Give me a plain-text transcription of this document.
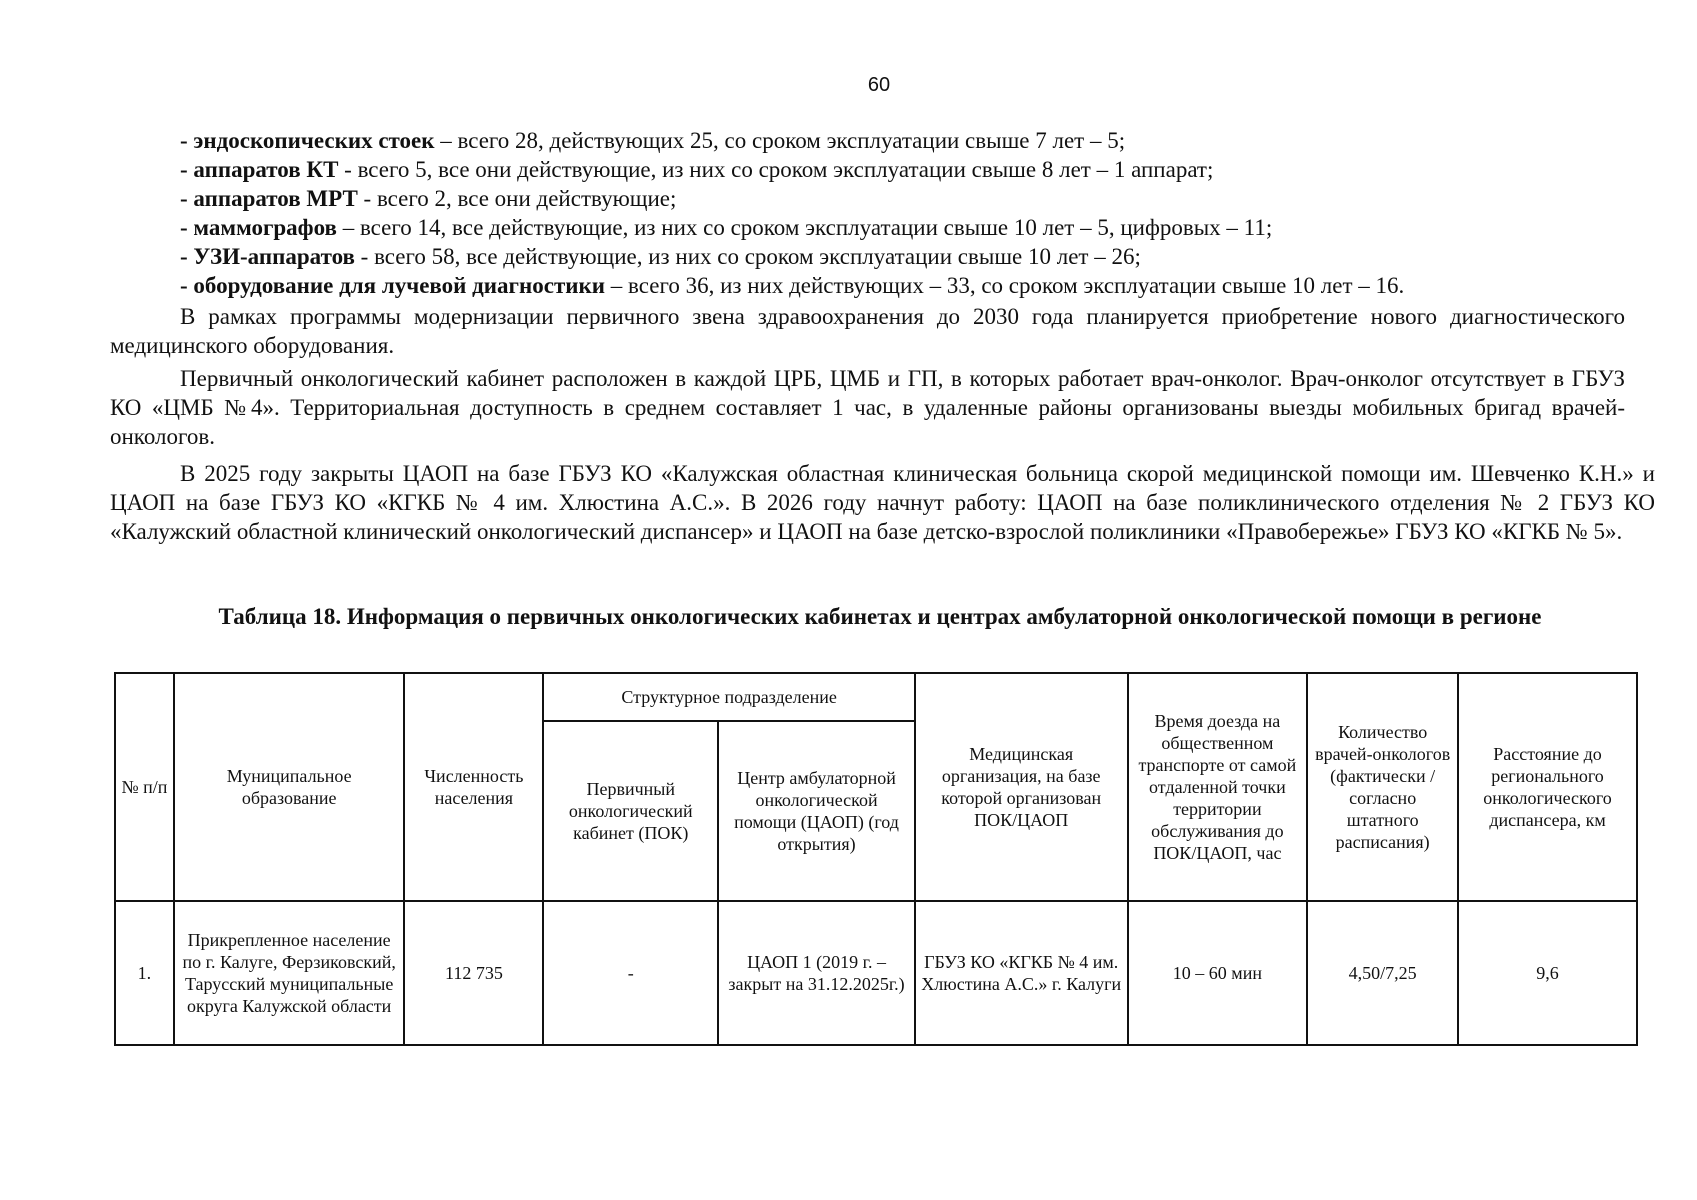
60

- эндоскопических стоек – всего 28, действующих 25, со сроком эксплуатации свыше 7 лет – 5;

- аппаратов КТ - всего 5, все они действующие, из них со сроком эксплуатации свыше 8 лет – 1 аппарат;

- аппаратов МРТ - всего 2, все они действующие;

- маммографов – всего 14, все действующие, из них со сроком эксплуатации свыше 10 лет – 5, цифровых – 11;

- УЗИ-аппаратов - всего 58, все действующие, из них со сроком эксплуатации свыше 10 лет – 26;

- оборудование для лучевой диагностики – всего 36, из них действующих – 33, со сроком эксплуатации свыше 10 лет – 16.

В рамках программы модернизации первичного звена здравоохранения до 2030 года планируется приобретение нового диагностического медицинского оборудования.

Первичный онкологический кабинет расположен в каждой ЦРБ, ЦМБ и ГП, в которых работает врач-онколог. Врач-онколог отсутствует в ГБУЗ КО «ЦМБ №4». Территориальная доступность в среднем составляет 1 час, в удаленные районы организованы выезды мобильных бригад врачей-онкологов.

В 2025 году закрыты ЦАОП на базе ГБУЗ КО «Калужская областная клиническая больница скорой медицинской помощи им. Шевченко К.Н.» и ЦАОП на базе ГБУЗ КО «КГКБ № 4 им. Хлюстина А.С.». В 2026 году начнут работу: ЦАОП на базе поликлинического отделения № 2 ГБУЗ КО «Калужский областной клинический онкологический диспансер» и ЦАОП на базе детско-взрослой поликлиники «Правобережье» ГБУЗ КО «КГКБ № 5».

Таблица 18. Информация о первичных онкологических кабинетах и центрах амбулаторной онкологической помощи в регионе
№ п/п	Муниципальное образование	Численность населения	Структурное подразделение		Медицинская организация, на базе которой организован ПОК/ЦАОП	Время доезда на общественном транспорте от самой отдаленной точки территории обслуживания до ПОК/ЦАОП, час	Количество врачей-онкологов (фактически / согласно штатного расписания)	Расстояние до регионального онкологического диспансера, км
			Первичный онкологический кабинет (ПОК)	Центр амбулаторной онкологической помощи (ЦАОП) (год открытия)				
1.	Прикрепленное население по г. Калуге, Ферзиковский, Тарусский муниципальные округа Калужской области	112 735	-	ЦАОП 1 (2019 г. – закрыт на 31.12.2025г.)	ГБУЗ КО «КГКБ № 4 им. Хлюстина А.С.» г. Калуги	10 – 60 мин	4,50/7,25	9,6
